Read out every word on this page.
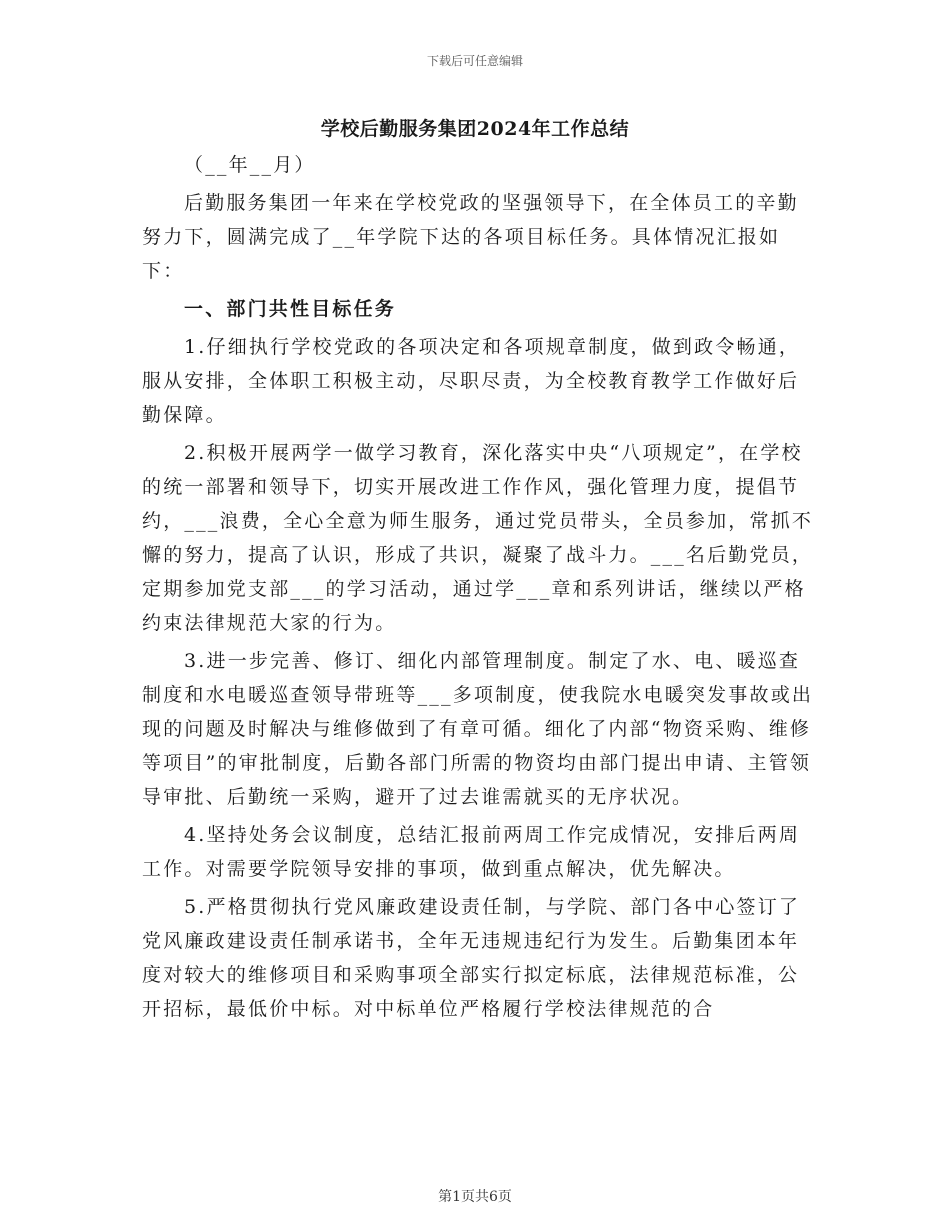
下载后可任意编辑
学校后勤服务集团2024年工作总结

（__年__月）

后勤服务集团一年来在学校党政的坚强领导下，在全体员工的辛勤努力下，圆满完成了__年学院下达的各项目标任务。具体情况汇报如下：

一、部门共性目标任务

1.仔细执行学校党政的各项决定和各项规章制度，做到政令畅通，服从安排，全体职工积极主动，尽职尽责，为全校教育教学工作做好后勤保障。

2.积极开展两学一做学习教育，深化落实中央“八项规定”，在学校的统一部署和领导下，切实开展改进工作作风，强化管理力度，提倡节约，___浪费，全心全意为师生服务，通过党员带头，全员参加，常抓不懈的努力，提高了认识，形成了共识，凝聚了战斗力。___名后勤党员，定期参加党支部___的学习活动，通过学___章和系列讲话，继续以严格约束法律规范大家的行为。

3.进一步完善、修订、细化内部管理制度。制定了水、电、暖巡查制度和水电暖巡查领导带班等___多项制度，使我院水电暖突发事故或出现的问题及时解决与维修做到了有章可循。细化了内部“物资采购、维修等项目”的审批制度，后勤各部门所需的物资均由部门提出申请、主管领导审批、后勤统一采购，避开了过去谁需就买的无序状况。

4.坚持处务会议制度，总结汇报前两周工作完成情况，安排后两周工作。对需要学院领导安排的事项，做到重点解决，优先解决。

5.严格贯彻执行党风廉政建设责任制，与学院、部门各中心签订了党风廉政建设责任制承诺书，全年无违规违纪行为发生。后勤集团本年度对较大的维修项目和采购事项全部实行拟定标底，法律规范标准，公开招标，最低价中标。对中标单位严格履行学校法律规范的合

第1页共6页
